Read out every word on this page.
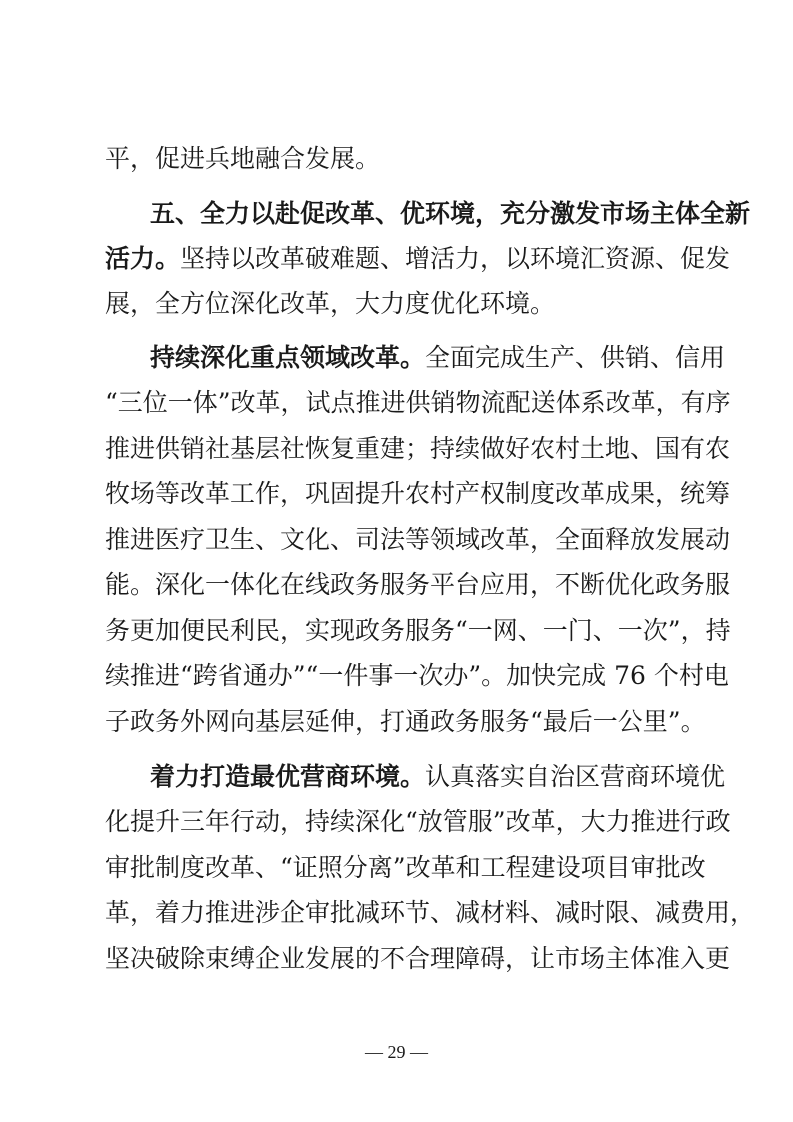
平，促进兵地融合发展。
五、全力以赴促改革、优环境，充分激发市场主体全新
活力。坚持以改革破难题、增活力，以环境汇资源、促发
展，全方位深化改革，大力度优化环境。
持续深化重点领域改革。全面完成生产、供销、信用
“三位一体”改革，试点推进供销物流配送体系改革，有序
推进供销社基层社恢复重建；持续做好农村土地、国有农
牧场等改革工作，巩固提升农村产权制度改革成果，统筹
推进医疗卫生、文化、司法等领域改革，全面释放发展动
能。深化一体化在线政务服务平台应用，不断优化政务服
务更加便民利民，实现政务服务“一网、一门、一次”，持
续推进“跨省通办”“一件事一次办”。加快完成 76 个村电
子政务外网向基层延伸，打通政务服务“最后一公里”。
着力打造最优营商环境。认真落实自治区营商环境优
化提升三年行动，持续深化“放管服”改革，大力推进行政
审批制度改革、“证照分离”改革和工程建设项目审批改
革，着力推进涉企审批减环节、减材料、减时限、减费用，
坚决破除束缚企业发展的不合理障碍，让市场主体准入更
— 29 —
